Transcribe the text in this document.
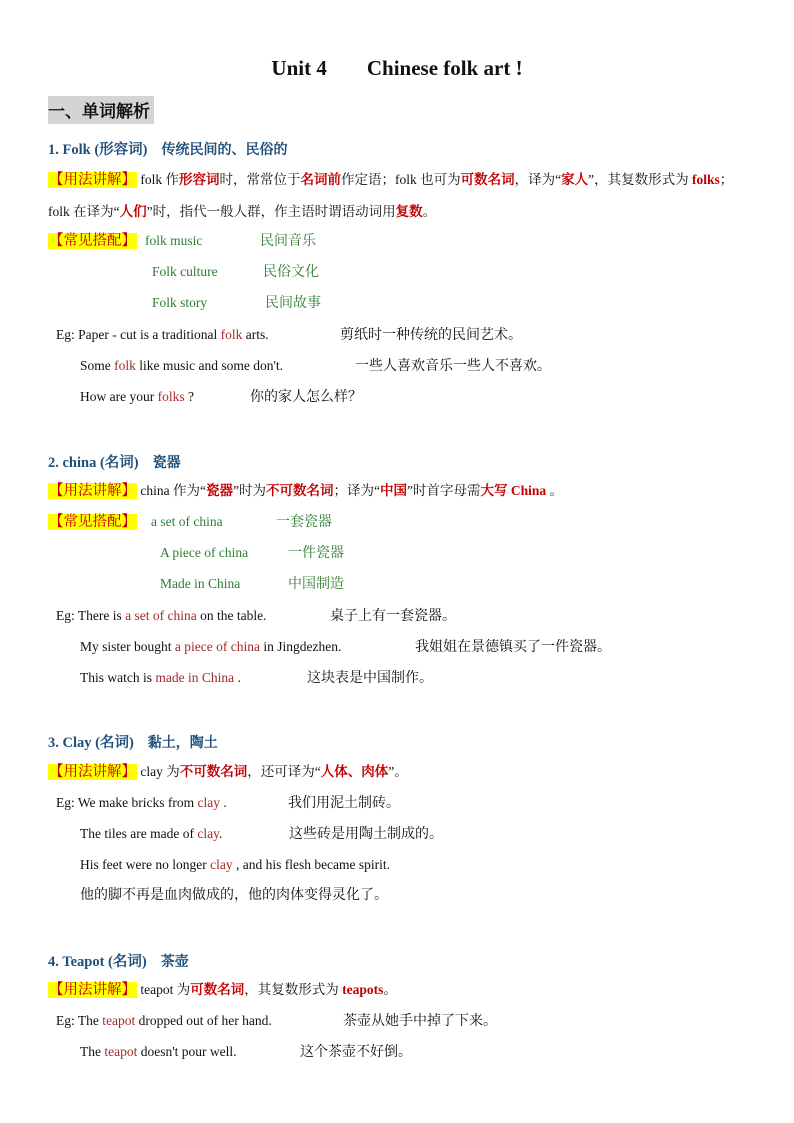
Unit 4 Chinese folk art !
一、单词解析
1. Folk (形容词) 传统民间的、民俗的
【用法讲解】 folk 作形容词时，常常位于名词前作定语；folk 也可为可数名词，译为“家人”，其复数形式为 folks；folk 在译为“人们”时，指代一般人群，作主语时谓语动词用复数。
【常见搭配】 folk music	民间音乐
Folk culture	民俗文化
Folk story	民间故事
Eg: Paper - cut is a traditional folk arts.	剪纸时一种传统的民间艺术。
Some folk like music and some don't.	一些人喜欢音乐一些人不喜欢。
How are your folks ?	你的家人怎么样？
2. china (名词) 瓷器
【用法讲解】 china 作为“瓷器”时为不可数名词；译为“中国”时首字母需大写 China 。
【常见搭配】 a set of china	一套瓷器
A piece of china	一件瓷器
Made in China	中国制造
Eg: There is a set of china on the table.	桌子上有一套瓷器。
My sister bought a piece of china in Jingdezhen.	我姐姐在景德镇买了一件瓷器。
This watch is made in China .	这块表是中国制作。
3. Clay (名词) 黏土，陶土
【用法讲解】 clay 为不可数名词，还可译为“人体、肉体”。
Eg: We make bricks from clay .	我们用泥土制砖。
The tiles are made of clay.	这些砖是用陶土制成的。
His feet were no longer clay , and his flesh became spirit.
他的脚不再是血肉做成的，他的肉体变得灵化了。
4. Teapot (名词) 茶壶
【用法讲解】 teapot 为可数名词，其复数形式为 teapots。
Eg: The teapot dropped out of her hand.	茶壶从她手中掉了下来。
The teapot doesn't pour well.	这个茶壶不好倒。
